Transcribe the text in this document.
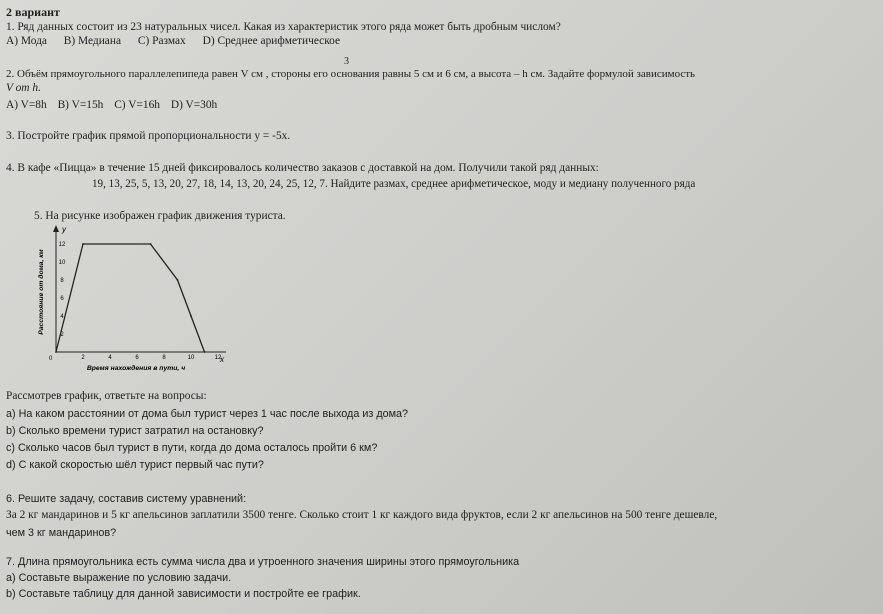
2 вариант
1. Ряд данных состоит из 23 натуральных чисел. Какая из характеристик этого ряда может быть дробным числом?
A) Мода B) Медиана C) Размах D) Среднее арифметическое
3
2. Объём прямоугольного параллелепипеда равен V см , стороны его основания равны 5 см и 6 см, а высота – h см. Задайте формулой зависимость
V от h.
A) V=8h B) V=15h C) V=16h D) V=30h
3. Постройте график прямой пропорциональности y = -5x.
4. В кафе «Пицца» в течение 15 дней фиксировалось количество заказов с доставкой на дом. Получили такой ряд данных:
19, 13, 25, 5, 13, 20, 27, 18, 14, 13, 20, 24, 25, 12, 7. Найдите размах, среднее арифметическое, моду и медиану полученного ряда
5. На рисунке изображен график движения туриста.
2	4	6	8	10	12
2
4
6
8
10
12
y
x
0
Время нахождения в пути, ч
Расстояние от дома, км
Рассмотрев график, ответьте на вопросы:
a) На каком расстоянии от дома был турист через 1 час после выхода из дома?
b) Сколько времени турист затратил на остановку?
c) Сколько часов был турист в пути, когда до дома осталось пройти 6 км?
d) С какой скоростью шёл турист первый час пути?
6. Решите задачу, составив систему уравнений:
За 2 кг мандаринов и 5 кг апельсинов заплатили 3500 тенге. Сколько стоит 1 кг каждого вида фруктов, если 2 кг апельсинов на 500 тенге дешевле,
чем 3 кг мандаринов?
7. Длина прямоугольника есть сумма числа два и утроенного значения ширины этого прямоугольника
a) Составьте выражение по условию задачи.
b) Составьте таблицу для данной зависимости и постройте ее график.
